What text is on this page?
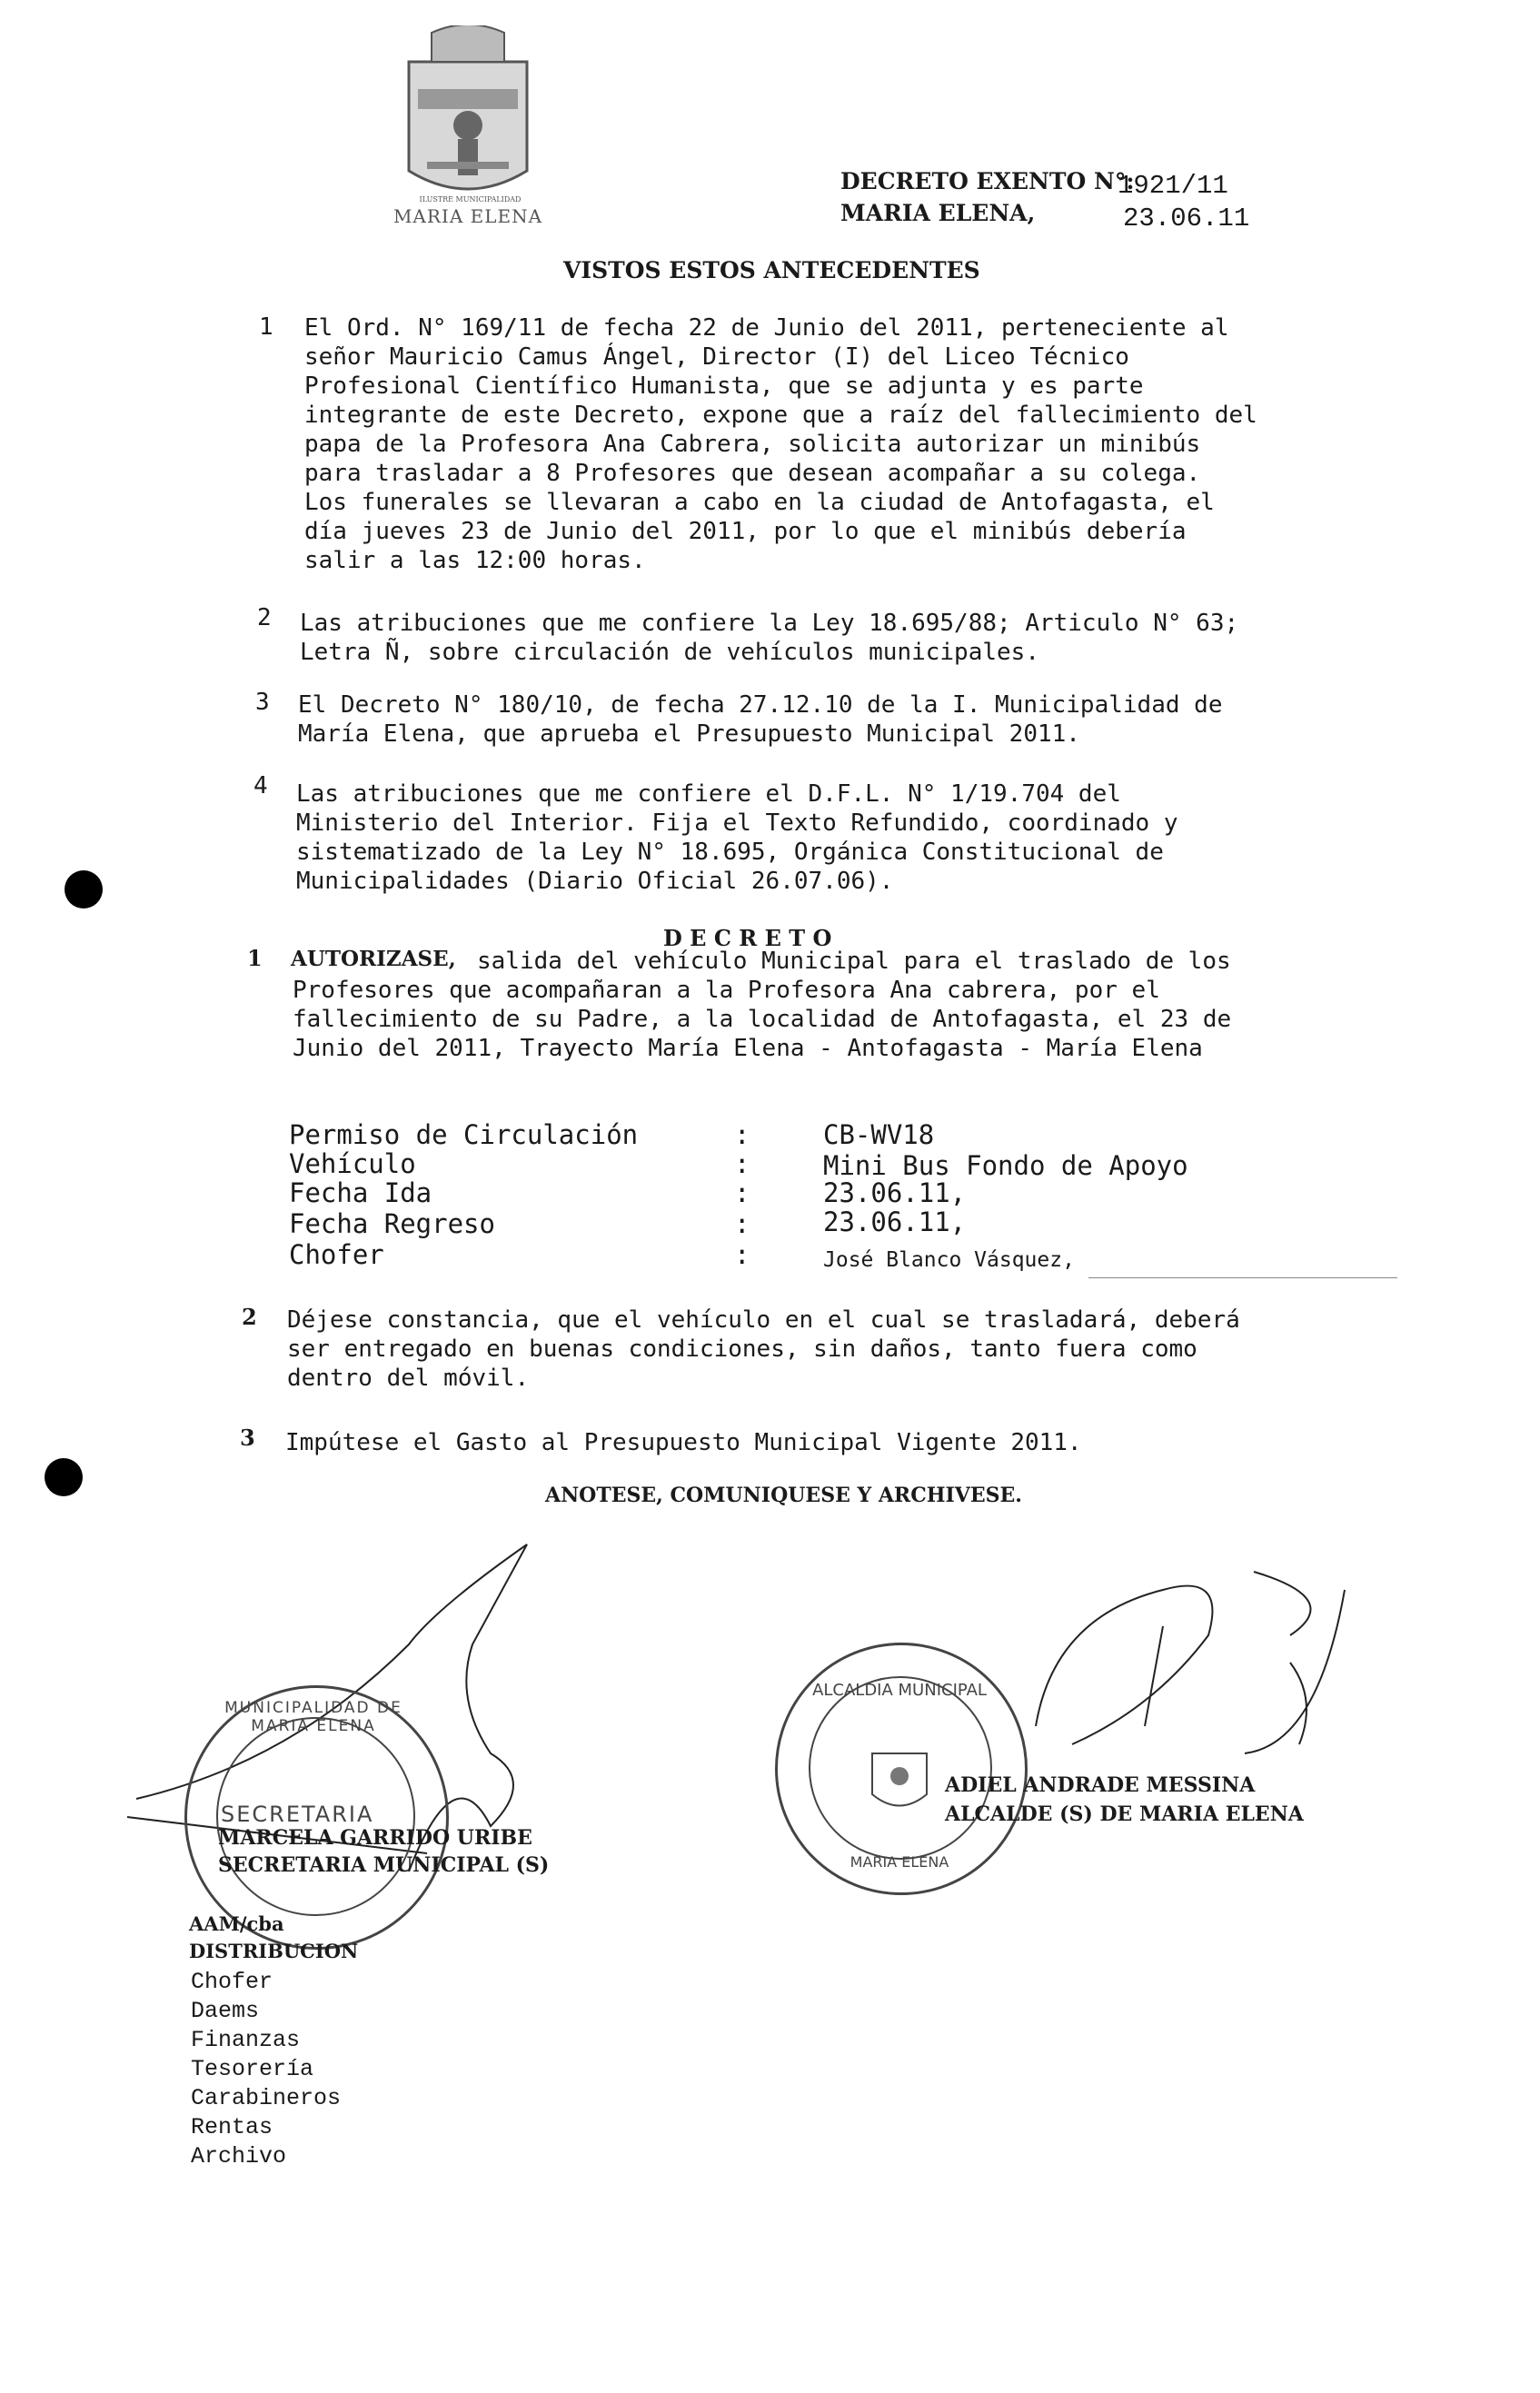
ILUSTRE MUNICIPALIDAD
MARIA ELENA
DECRETO EXENTO N°:
1921/11
MARIA ELENA,	23.06.11
VISTOS ESTOS ANTECEDENTES
1 El Ord. N° 169/11 de fecha 22 de Junio del 2011, perteneciente al
señor Mauricio Camus Ángel, Director (I) del Liceo Técnico
Profesional Científico Humanista, que se adjunta y es parte
integrante de este Decreto, expone que a raíz del fallecimiento del
papa de la Profesora Ana Cabrera, solicita autorizar un minibús
para trasladar a 8 Profesores que desean acompañar a su colega.
Los funerales se llevaran a cabo en la ciudad de Antofagasta, el
día jueves 23 de Junio del 2011, por lo que el minibús debería
salir a las 12:00 horas.
2 Las atribuciones que me confiere la Ley 18.695/88; Articulo N° 63;
Letra Ñ, sobre circulación de vehículos municipales.
3 El Decreto N° 180/10, de fecha 27.12.10 de la I. Municipalidad de
María Elena, que aprueba el Presupuesto Municipal 2011.
4 Las atribuciones que me confiere el D.F.L. N° 1/19.704 del
Ministerio del Interior. Fija el Texto Refundido, coordinado y
sistematizado de la Ley N° 18.695, Orgánica Constitucional de
Municipalidades (Diario Oficial 26.07.06).
D E C R E T O
1 AUTORIZASE, salida del vehículo Municipal para el traslado de los
Profesores que acompañaran a la Profesora Ana cabrera, por el
fallecimiento de su Padre, a la localidad de Antofagasta, el 23 de
Junio del 2011, Trayecto María Elena - Antofagasta - María Elena
Permiso de Circulación	:	CB-WV18
Vehículo	:	Mini Bus Fondo de Apoyo
Fecha Ida	:	23.06.11,
Fecha Regreso	:	23.06.11,
Chofer	:	José Blanco Vásquez,
2 Déjese constancia, que el vehículo en el cual se trasladará, deberá
ser entregado en buenas condiciones, sin daños, tanto fuera como
dentro del móvil.
3 Impútese el Gasto al Presupuesto Municipal Vigente 2011.
ANOTESE, COMUNIQUESE Y ARCHIVESE.
MUNICIPALIDAD DE MARIA ELENA
SECRETARIA
ALCALDIA MUNICIPAL
MARIA ELENA
MARCELA GARRIDO URIBE
SECRETARIA MUNICIPAL (S)
ADIEL ANDRADE MESSINA
ALCALDE (S) DE MARIA ELENA
AAM/cba
DISTRIBUCION
Chofer
Daems
Finanzas
Tesorería
Carabineros
Rentas
Archivo
